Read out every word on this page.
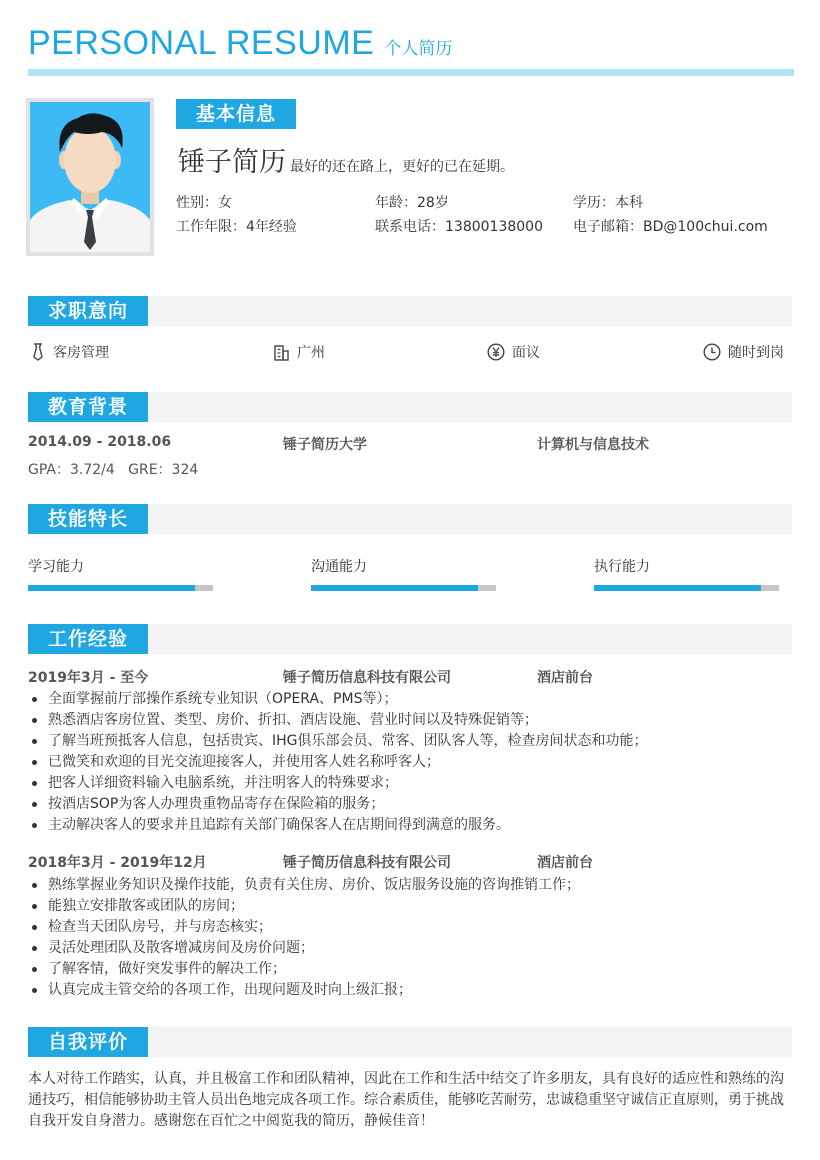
PERSONAL RESUME 个人简历
基本信息
锤子简历 最好的还在路上，更好的已在延期。
性别：女	年龄：28岁	学历：本科
工作年限：4年经验	联系电话：13800138000 电子邮箱：BD@100chui.com
求职意向
客房管理	广州	面议	随时到岗
教育背景
2014.09 - 2018.06	锤子简历大学	计算机与信息技术
GPA：3.72/4   GRE：324
技能特长
学习能力	沟通能力	执行能力
工作经验
2019年3月 - 至今	锤子简历信息科技有限公司	酒店前台
全面掌握前厅部操作系统专业知识（OPERA、PMS等）；
熟悉酒店客房位置、类型、房价、折扣、酒店设施、营业时间以及特殊促销等；
了解当班预抵客人信息，包括贵宾、IHG俱乐部会员、常客、团队客人等，检查房间状态和功能；
已微笑和欢迎的目光交流迎接客人，并使用客人姓名称呼客人；
把客人详细资料输入电脑系统，并注明客人的特殊要求；
按酒店SOP为客人办理贵重物品寄存在保险箱的服务；
主动解决客人的要求并且追踪有关部门确保客人在店期间得到满意的服务。
2018年3月 - 2019年12月	锤子简历信息科技有限公司	酒店前台
熟练掌握业务知识及操作技能，负责有关住房、房价、饭店服务设施的咨询推销工作；
能独立安排散客或团队的房间；
检查当天团队房号，并与房态核实；
灵活处理团队及散客增减房间及房价问题；
了解客情，做好突发事件的解决工作；
认真完成主管交给的各项工作，出现问题及时向上级汇报；
自我评价
本人对待工作踏实，认真，并且极富工作和团队精神，因此在工作和生活中结交了许多朋友，具有良好的适应性和熟练的沟通技巧，相信能够协助主管人员出色地完成各项工作。综合素质佳，能够吃苦耐劳，忠诚稳重坚守诚信正直原则，勇于挑战自我开发自身潜力。感谢您在百忙之中阅览我的简历，静候佳音！
